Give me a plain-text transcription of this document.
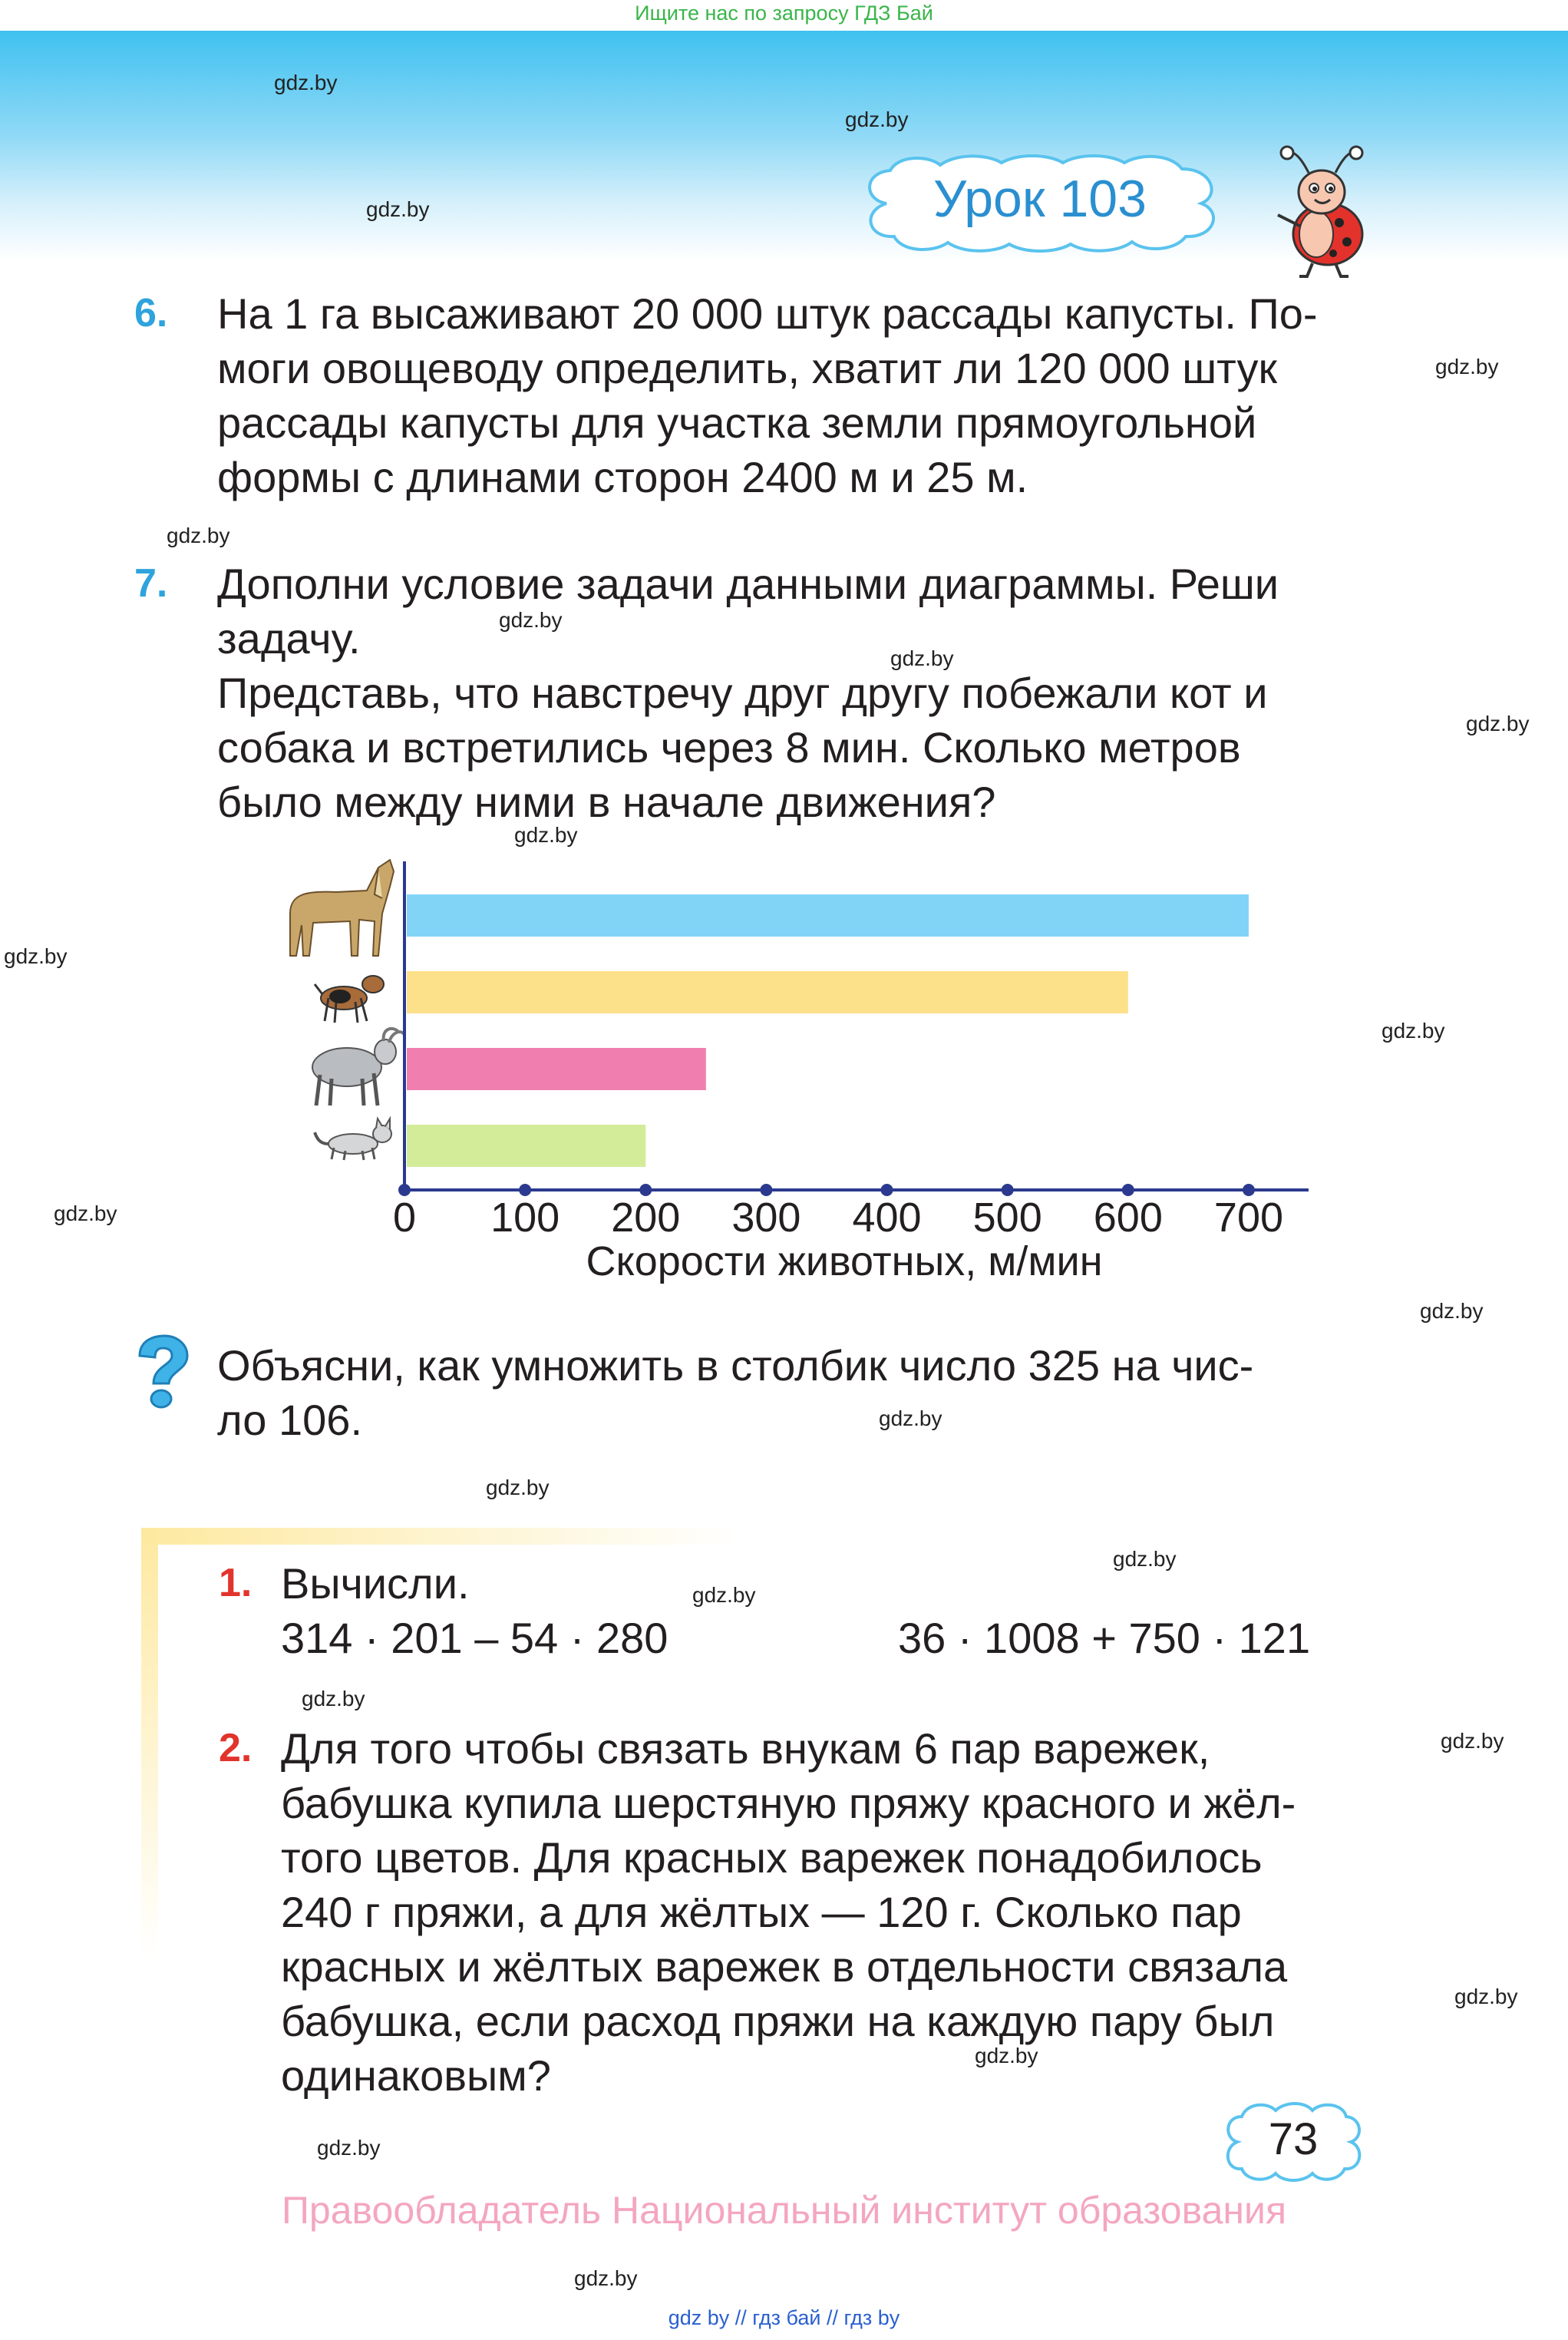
Ищите нас по запросу ГДЗ Бай
gdz.by
gdz.by
gdz.by
gdz.by
gdz.by
gdz.by
gdz.by
gdz.by
gdz.by
gdz.by
gdz.by
gdz.by
gdz.by
gdz.by
gdz.by
gdz.by
gdz.by
gdz.by
gdz.by
gdz.by
gdz.by
gdz.by
gdz.by
Урок 103
6. На 1 га высаживают 20 000 штук рассады капусты. По-
моги овощеводу определить, хватит ли 120 000 штук
рассады капусты для участка земли прямоугольной
формы с длинами сторон 2400 м и 25 м.
7. Дополни условие задачи данными диаграммы. Реши
задачу.
Представь, что навстречу друг другу побежали кот и
собака и встретились через 8 мин. Сколько метров
было между ними в начале движения?
0	100	200	300	400	500	600	700
Скорости животных, м/мин
Объясни, как умножить в столбик число 325 на чис-
ло 106.
1. Вычисли.
314 · 201 – 54 · 280	36 · 1008 + 750 · 121
2. Для того чтобы связать внукам 6 пар варежек,
бабушка купила шерстяную пряжу красного и жёл-
того цветов. Для красных варежек понадобилось
240 г пряжи, а для жёлтых — 120 г. Сколько пар
красных и жёлтых варежек в отдельности связала
бабушка, если расход пряжи на каждую пару был
одинаковым?
73
Правообладатель Национальный институт образования
gdz by // гдз бай // гдз by
